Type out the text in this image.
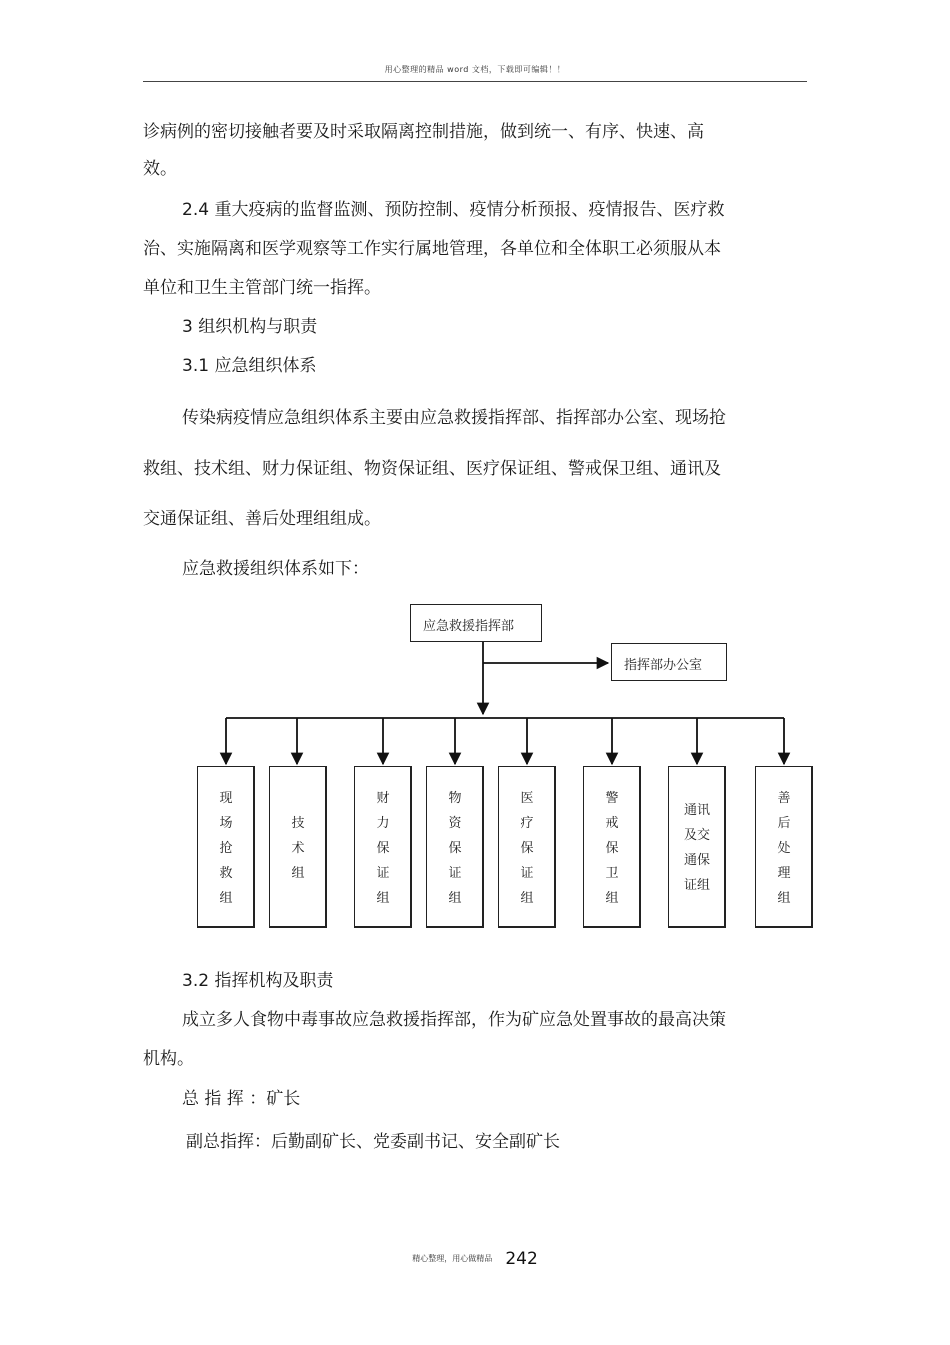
用心整理的精品 word 文档，下载即可编辑！！
诊病例的密切接触者要及时采取隔离控制措施，做到统一、有序、快速、高
效。
2.4 重大疫病的监督监测、预防控制、疫情分析预报、疫情报告、医疗救
治、实施隔离和医学观察等工作实行属地管理，各单位和全体职工必须服从本
单位和卫生主管部门统一指挥。
3 组织机构与职责
3.1 应急组织体系
传染病疫情应急组织体系主要由应急救援指挥部、指挥部办公室、现场抢
救组、技术组、财力保证组、物资保证组、医疗保证组、警戒保卫组、通讯及
交通保证组、善后处理组组成。
应急救援组织体系如下：
应急救援指挥部
指挥部办公室
现
场
抢
救
组
技
术
组
财
力
保
证
组
物
资
保
证
组
医
疗
保
证
组
警
戒
保
卫
组
通讯
及交
通保
证组
善
后
处
理
组
3.2 指挥机构及职责
成立多人食物中毒事故应急救援指挥部，作为矿应急处置事故的最高决策
机构。
总 指 挥 ：矿长
副总指挥：后勤副矿长、党委副书记、安全副矿长
精心整理，用心做精品 242
